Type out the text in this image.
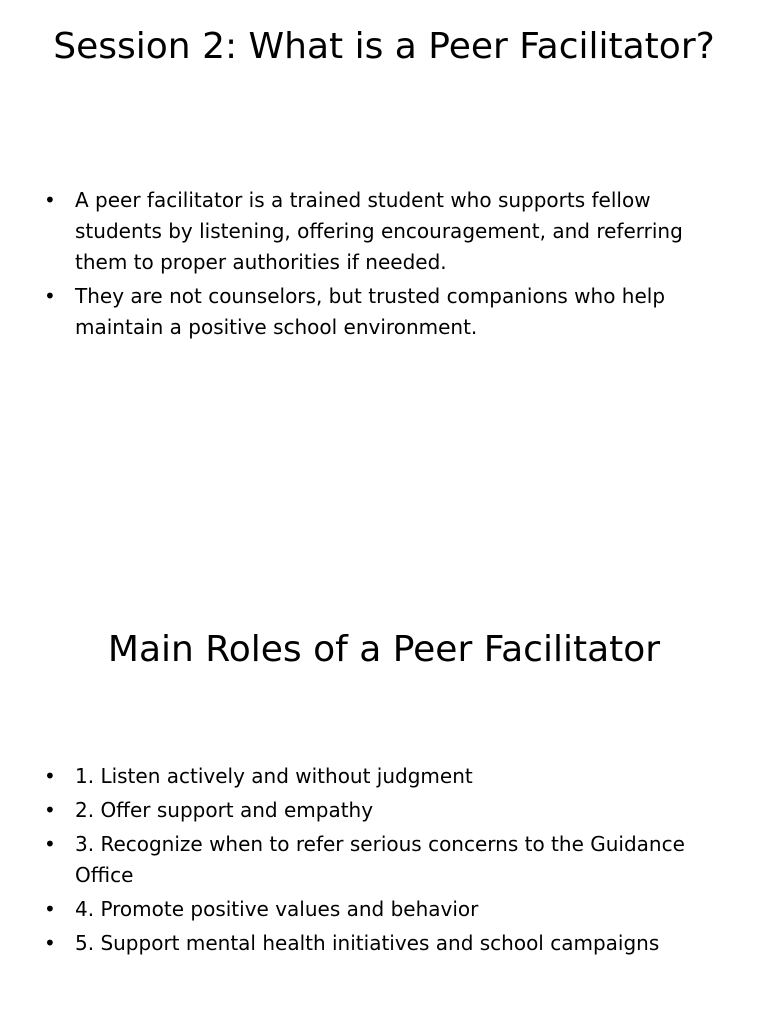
Session 2: What is a Peer Facilitator?
• A peer facilitator is a trained student who supports fellow students by listening, offering encouragement, and referring them to proper authorities if needed.
• They are not counselors, but trusted companions who help maintain a positive school environment.
Main Roles of a Peer Facilitator
• 1. Listen actively and without judgment
• 2. Offer support and empathy
• 3. Recognize when to refer serious concerns to the Guidance Office
• 4. Promote positive values and behavior
• 5. Support mental health initiatives and school campaigns
